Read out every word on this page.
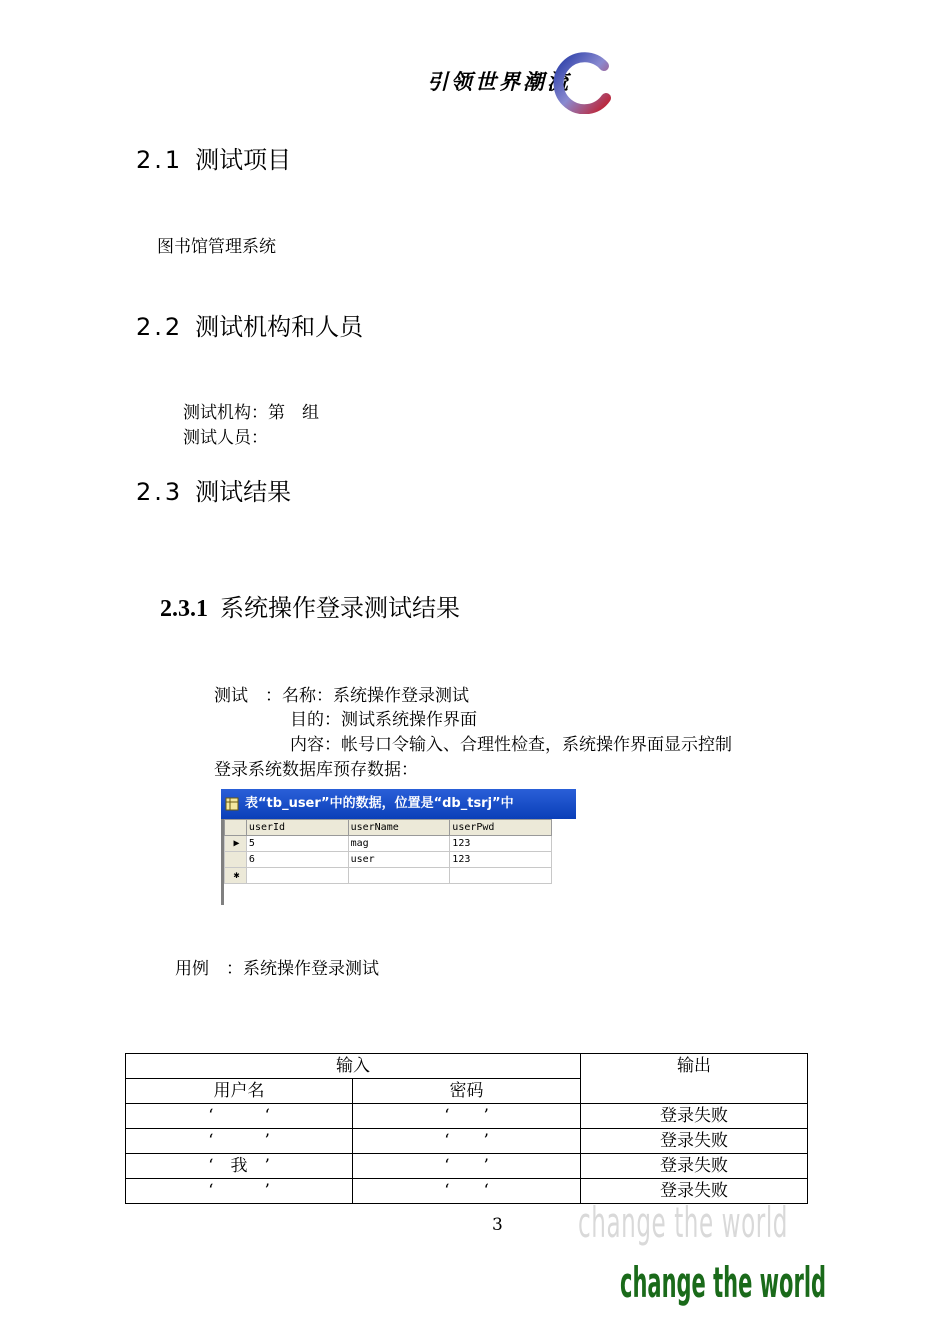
引领世界潮流
2.1 测试项目
图书馆管理系统
2.2 测试机构和人员
测试机构：第　组
测试人员：
2.3 测试结果
2.3.1 系统操作登录测试结果
测试　：名称：系统操作登录测试
目的：测试系统操作界面
内容：帐号口令输入、合理性检查，系统操作界面显示控制
登录系统数据库预存数据：
表“tb_user”中的数据，位置是“db_tsrj”中
	userId	userName	userPwd
▶	5	mag	123
	6	user	123
✱			
用例　：系统操作登录测试
输入		输出
用户名	密码	
‘　　　‘	‘　　’	登录失败
‘　　　’	‘　　’	登录失败
‘　我　’	‘　　’	登录失败
‘　　　’	‘　　‘	登录失败
3 change the world
change the world
